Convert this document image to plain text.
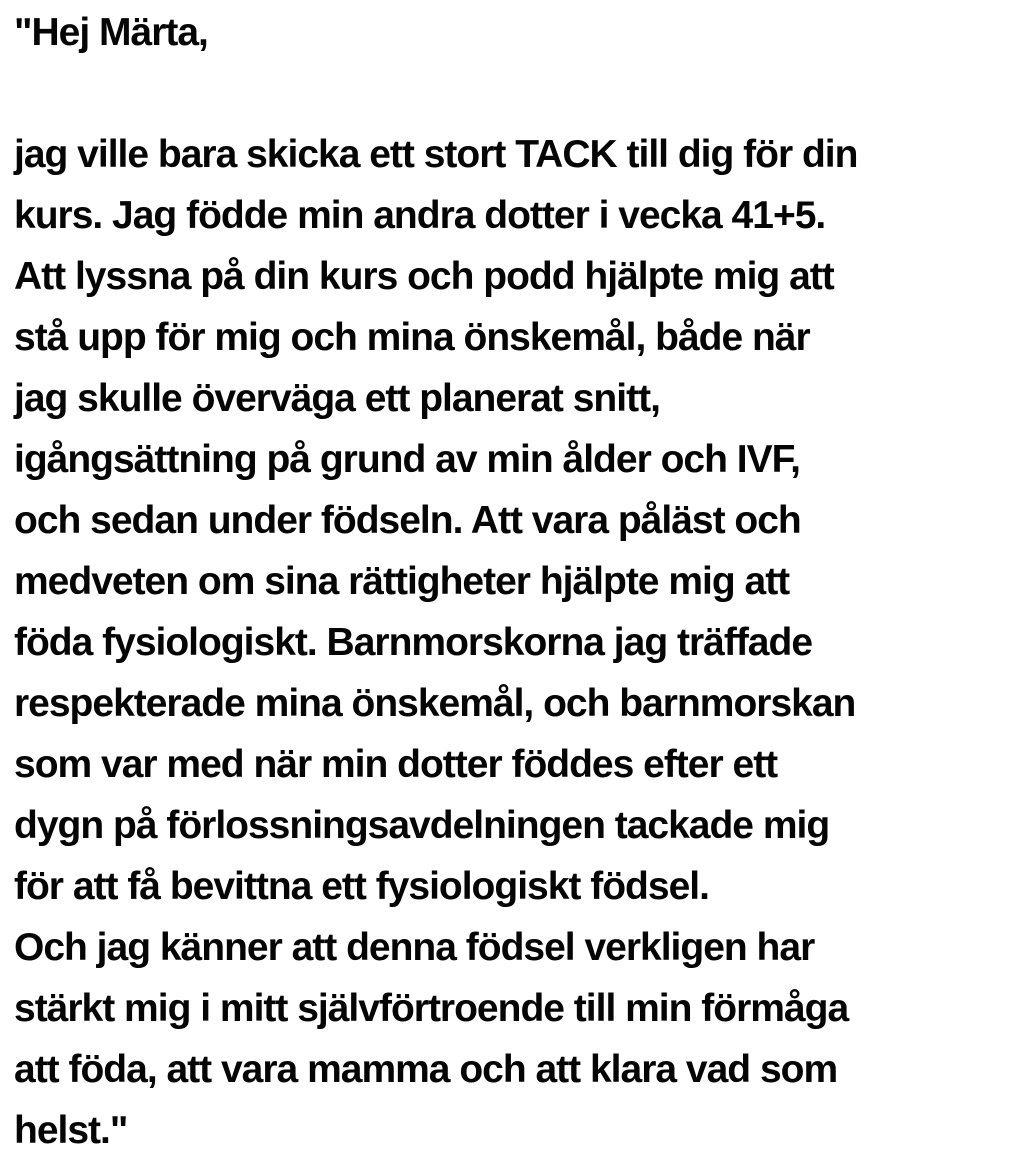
"Hej Märta,
jag ville bara skicka ett stort TACK till dig för din
kurs. Jag födde min andra dotter i vecka 41+5.
Att lyssna på din kurs och podd hjälpte mig att
stå upp för mig och mina önskemål, både när
jag skulle överväga ett planerat snitt,
igångsättning på grund av min ålder och IVF,
och sedan under födseln. Att vara påläst och
medveten om sina rättigheter hjälpte mig att
föda fysiologiskt. Barnmorskorna jag träffade
respekterade mina önskemål, och barnmorskan
som var med när min dotter föddes efter ett
dygn på förlossningsavdelningen tackade mig
för att få bevittna ett fysiologiskt födsel.
Och jag känner att denna födsel verkligen har
stärkt mig i mitt självförtroende till min förmåga
att föda, att vara mamma och att klara vad som
helst."
